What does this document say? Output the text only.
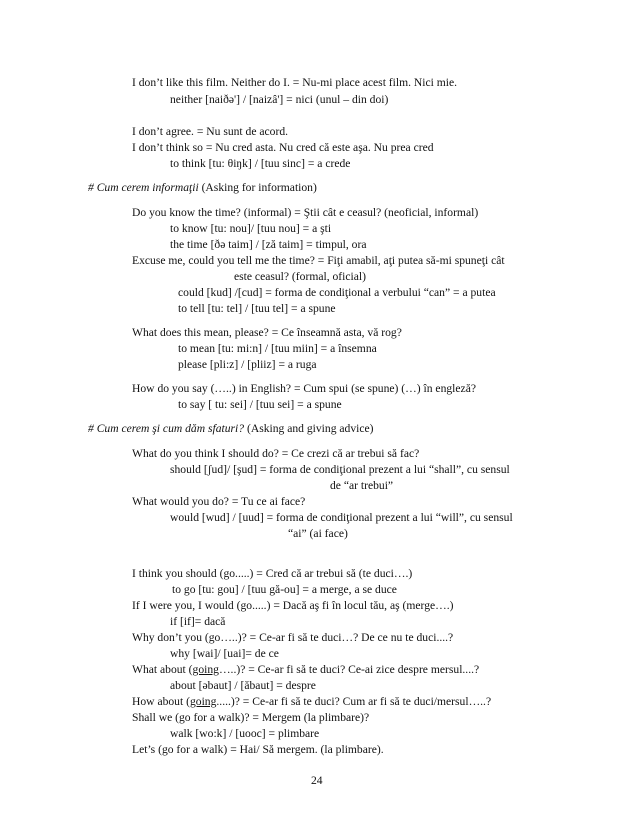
I don’t like this film. Neither do I. = Nu-mi place acest film. Nici mie.
neither [naiðə'] / [naizâ'] = nici (unul – din doi)
I don’t agree. = Nu sunt de acord.
I don’t think so = Nu cred asta. Nu cred că este aşa. Nu prea cred
to think [tu: θiŋk] / [tuu sinc] = a crede
# Cum cerem informaţii (Asking for information)
Do you know the time? (informal) = Ştii cât e ceasul? (neoficial, informal)
to know [tu: nou]/ [tuu nou] = a şti
the time [ðə taim] / [ză taim] = timpul, ora
Excuse me, could you tell me the time? = Fiţi amabil, aţi putea să-mi spuneţi cât
este ceasul? (formal, oficial)
could [kud] /[cud] = forma de condiţional a verbului “can” = a putea
to tell [tu: tel] / [tuu tel] = a spune
What does this mean, please? = Ce înseamnă asta, vă rog?
to mean [tu: mi:n] / [tuu miin] = a însemna
please [pli:z] / [pliiz] = a ruga
How do you say (…..) in English? = Cum spui (se spune) (…) în engleză?
to say [ tu: sei] / [tuu sei] = a spune
# Cum cerem şi cum dăm sfaturi? (Asking and giving advice)
What do you think I should do? = Ce crezi că ar trebui să fac?
should [ʃud]/ [şud] = forma de condiţional prezent a lui “shall”, cu sensul
de “ar trebui”
What would you do? = Tu ce ai face?
would [wud] / [uud] = forma de condiţional prezent a lui “will”, cu sensul
“ai” (ai face)
I think you should (go.....) = Cred că ar trebui să (te duci….)
to go [tu: gou] / [tuu gă-ou] = a merge, a se duce
If I were you, I would (go.....) = Dacă aş fi în locul tău, aş (merge….)
if [if]= dacă
Why don’t you (go…..)? = Ce-ar fi să te duci…? De ce nu te duci....?
why [wai]/ [uai]= de ce
What about (going…..)? = Ce-ar fi să te duci? Ce-ai zice despre mersul....?
about [əbaut] / [ăbaut] = despre
How about (going.....)? = Ce-ar fi să te duci? Cum ar fi să te duci/mersul…..?
Shall we (go for a walk)? = Mergem (la plimbare)?
walk [wo:k] / [uooc] = plimbare
Let’s (go for a walk) = Hai/ Să mergem. (la plimbare).
24
